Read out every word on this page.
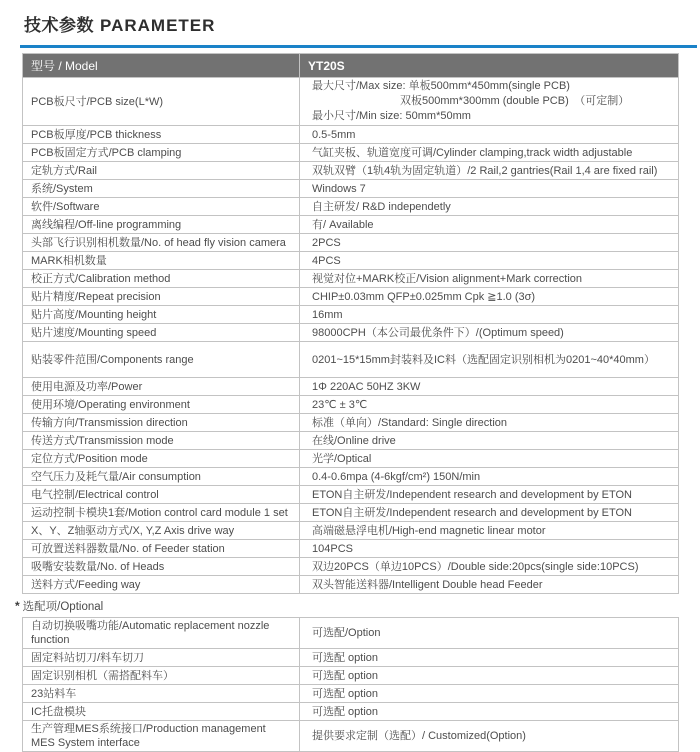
技术参数 PARAMETER
型号 / Model	YT20S
PCB板尺寸/PCB size(L*W)	最大尺寸/Max size: 单板500mm*450mm(single PCB)
双板500mm*300mm (double PCB)　（可定制）
最小尺寸/Min size: 50mm*50mm

PCB板厚度/PCB thickness	0.5-5mm
PCB板固定方式/PCB clamping	气缸夹板、轨道宽度可调/Cylinder clamping,track width adjustable
定轨方式/Rail	双轨双臂（1轨4轨为固定轨道）/2 Rail,2 gantries(Rail 1,4 are fixed rail)
系统/System	Windows 7
软件/Software	自主研发/ R&D independetly
离线编程/Off-line programming	有/ Available
头部飞行识别相机数量/No. of head fly vision camera	2PCS
MARK相机数量	4PCS
校正方式/Calibration method	视觉对位+MARK校正/Vision alignment+Mark correction
贴片精度/Repeat precision	CHIP±0.03mm QFP±0.025mm Cpk ≧1.0 (3σ)
贴片高度/Mounting height	16mm
贴片速度/Mounting speed	98000CPH（本公司最优条件下）/(Optimum speed)
贴装零件范围/Components range	0201~15*15mm封装料及IC料（选配固定识别相机为0201~40*40mm）
使用电源及功率/Power	1Φ 220AC 50HZ 3KW
使用环境/Operating environment	23℃ ± 3℃
传输方向/Transmission direction	标准（单向）/Standard: Single direction
传送方式/Transmission mode	在线/Online drive
定位方式/Position mode	光学/Optical
空气压力及耗气量/Air consumption	0.4-0.6mpa (4-6kgf/cm²) 150N/min
电气控制/Electrical control	ETON自主研发/Independent research and development by ETON
运动控制卡模块1套/Motion control card module 1 set	ETON自主研发/Independent research and development by ETON
X、Y、Z轴驱动方式/X, Y,Z Axis drive way	高端磁悬浮电机/High-end magnetic linear motor
可放置送料器数量/No. of Feeder station	104PCS
吸嘴安装数量/No. of Heads	双边20PCS（单边10PCS）/Double side:20pcs(single side:10PCS)
送料方式/Feeding way	双头智能送料器/Intelligent Double head Feeder
* 选配项/Optional
自动切换吸嘴功能/Automatic replacement nozzle function	可选配/Option
固定料站切刀/料车切刀	可选配 option
固定识别相机（需搭配料车）	可选配 option
23站料车	可选配 option
IC托盘模块	可选配 option
生产管理MES系统接口/Production management MES System interface	提供要求定制（选配）/ Customized(Option)
